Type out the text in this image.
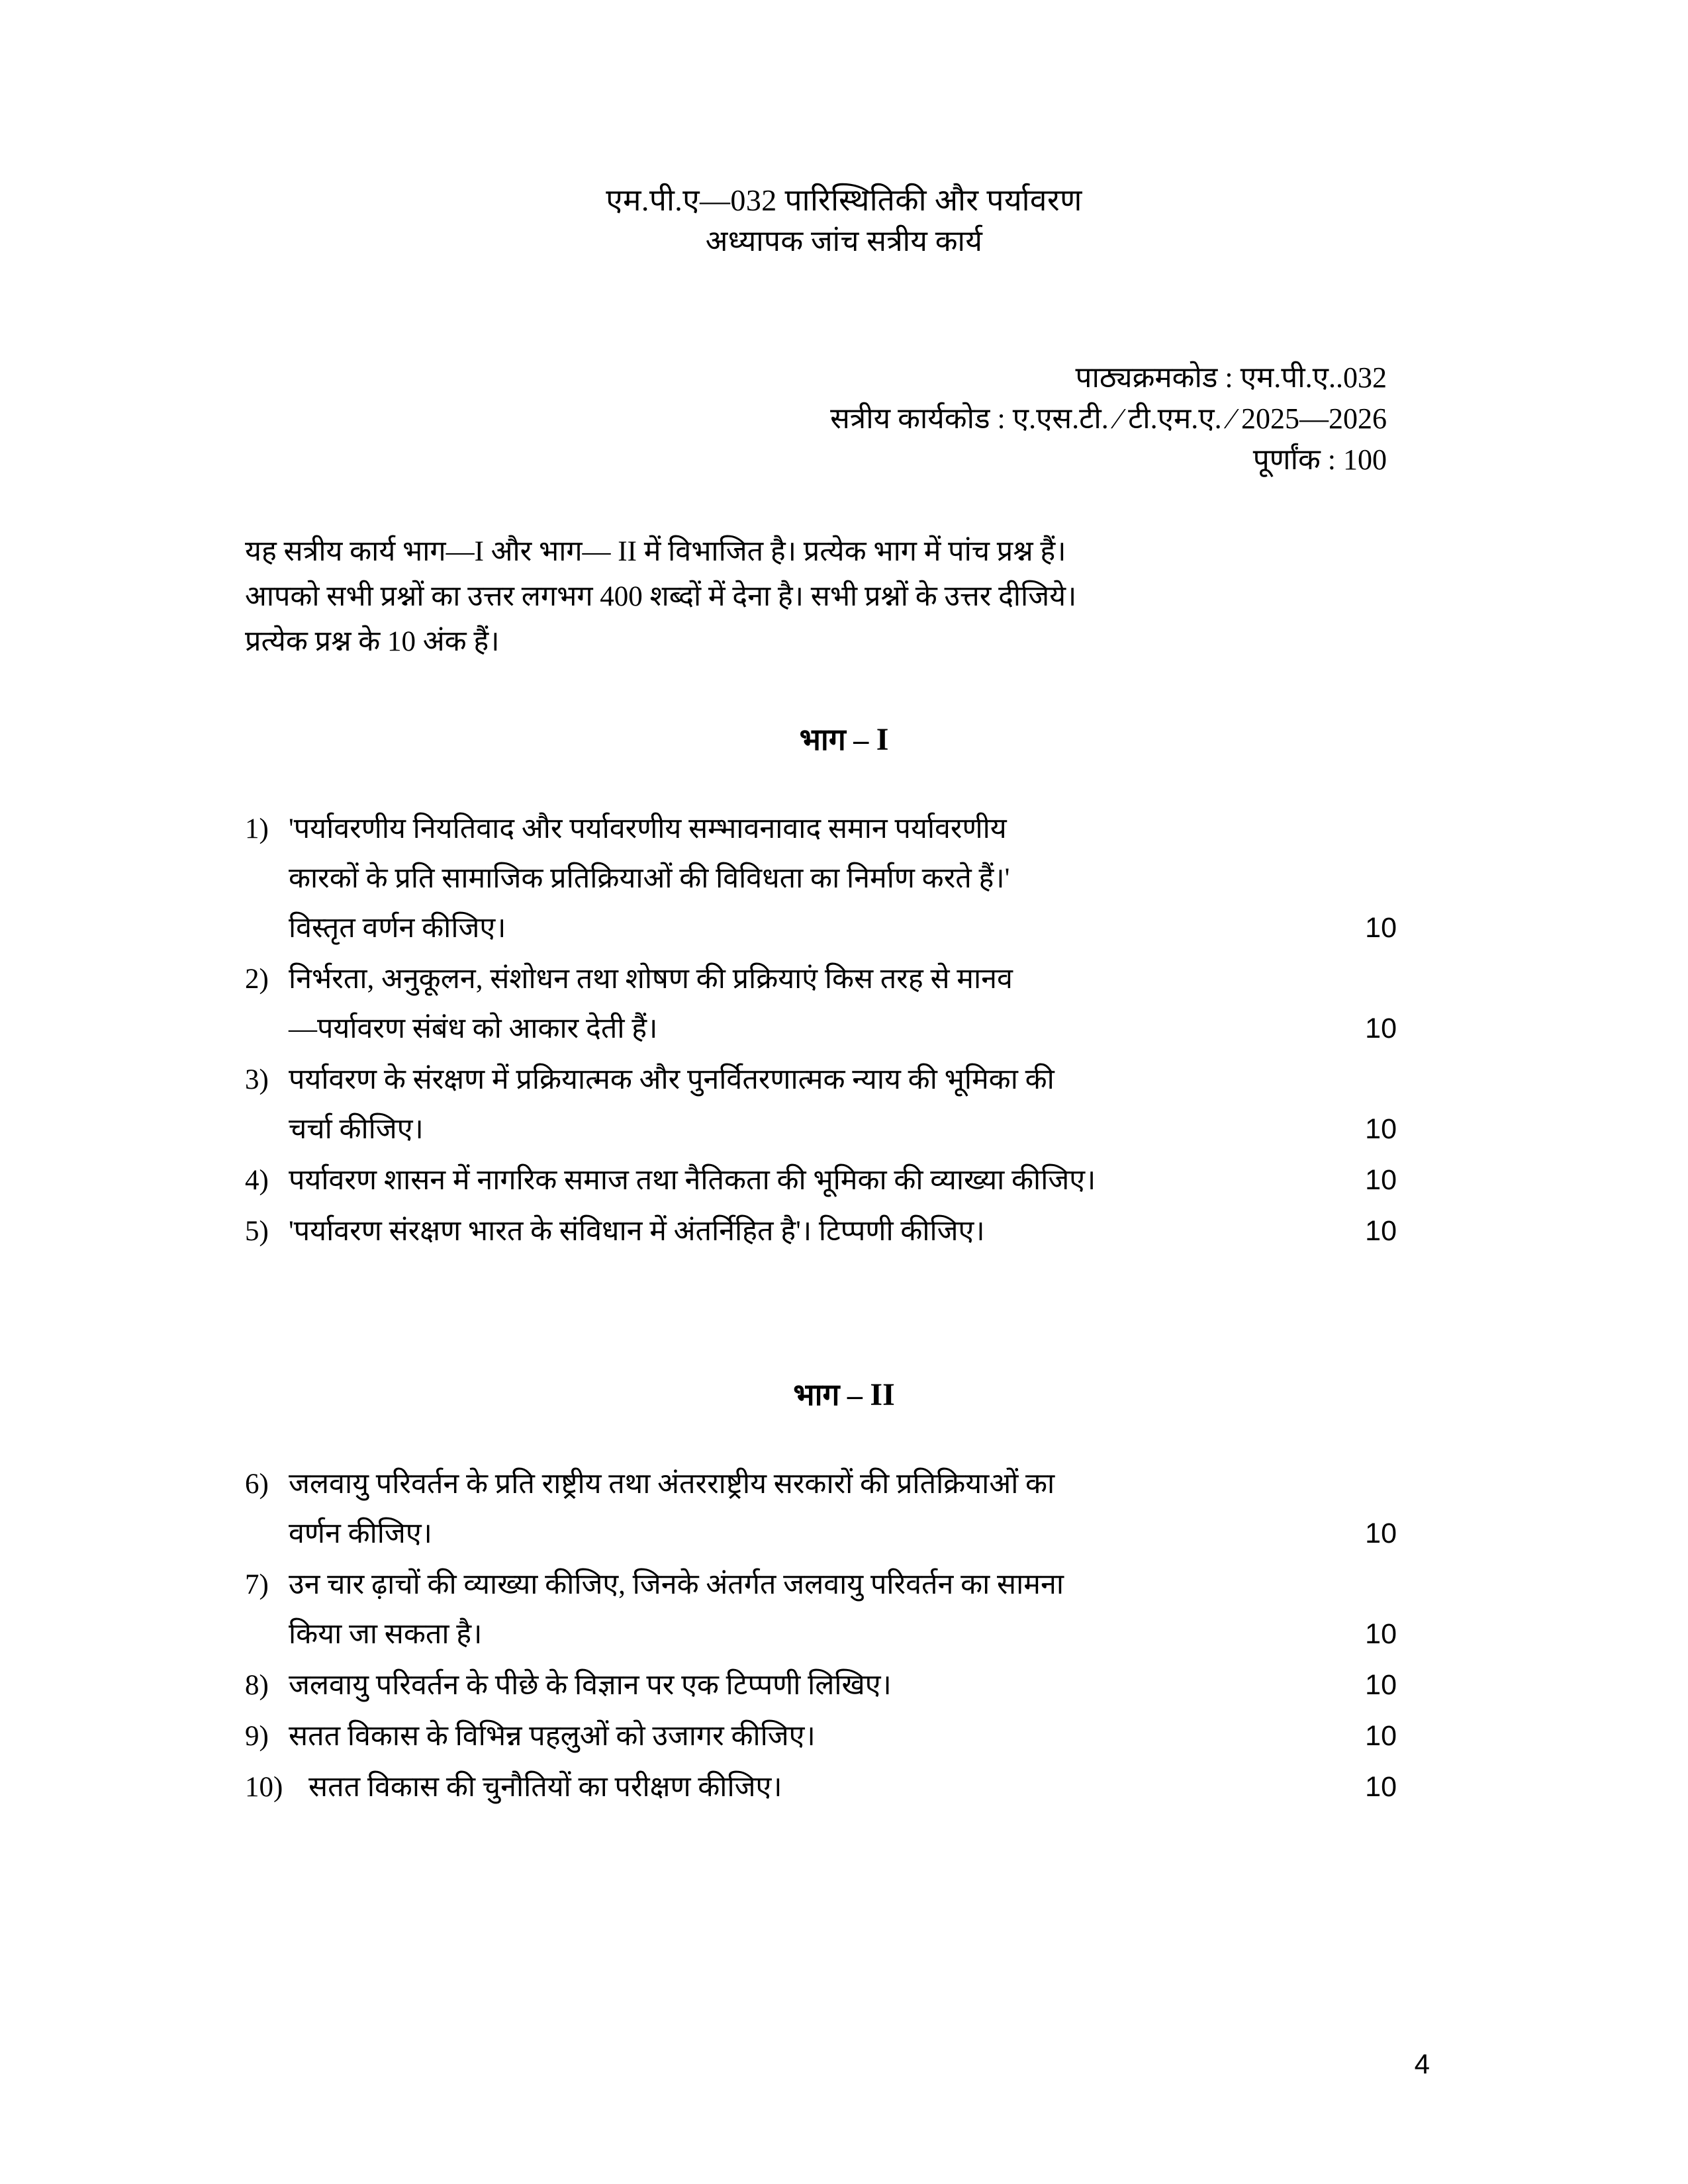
एम.पी.ए—032 पारिस्थितिकी और पर्यावरण
अध्यापक जांच सत्रीय कार्य
पाठ्यक्रमकोड : एम.पी.ए..032
सत्रीय कार्यकोड : ए.एस.टी. ⁄ टी.एम.ए. ⁄ 2025—2026
पूर्णांक : 100
यह सत्रीय कार्य भाग—I और भाग— II में विभाजित है। प्रत्येक भाग में पांच प्रश्न हैं।
आपको सभी प्रश्नों का उत्तर लगभग 400 शब्दों में देना है। सभी प्रश्नों के उत्तर दीजिये।
प्रत्येक प्रश्न के 10 अंक हैं।
भाग – I
1) 'पर्यावरणीय नियतिवाद और पर्यावरणीय सम्भावनावाद समान पर्यावरणीय
कारकों के प्रति सामाजिक प्रतिक्रियाओं की विविधता का निर्माण करते हैं।'
विस्तृत वर्णन कीजिए।	10
2) निर्भरता, अनुकूलन, संशोधन तथा शोषण की प्रक्रियाएं किस तरह से मानव
—पर्यावरण संबंध को आकार देती हैं।	10
3) पर्यावरण के संरक्षण में प्रक्रियात्मक और पुनर्वितरणात्मक न्याय की भूमिका की
चर्चा कीजिए।	10
4) पर्यावरण शासन में नागरिक समाज तथा नैतिकता की भूमिका की व्याख्या कीजिए।	10
5) 'पर्यावरण संरक्षण भारत के संविधान में अंतर्निहित है'। टिप्पणी कीजिए।	10
भाग – II
6) जलवायु परिवर्तन के प्रति राष्ट्रीय तथा अंतरराष्ट्रीय सरकारों की प्रतिक्रियाओं का
वर्णन कीजिए।	10
7) उन चार ढ़ाचों की व्याख्या कीजिए, जिनके अंतर्गत जलवायु परिवर्तन का सामना
किया जा सकता है।	10
8) जलवायु परिवर्तन के पीछे के विज्ञान पर एक टिप्पणी लिखिए।	10
9) सतत विकास के विभिन्न पहलुओं को उजागर कीजिए।	10
10) सतत विकास की चुनौतियों का परीक्षण कीजिए।	10
4
